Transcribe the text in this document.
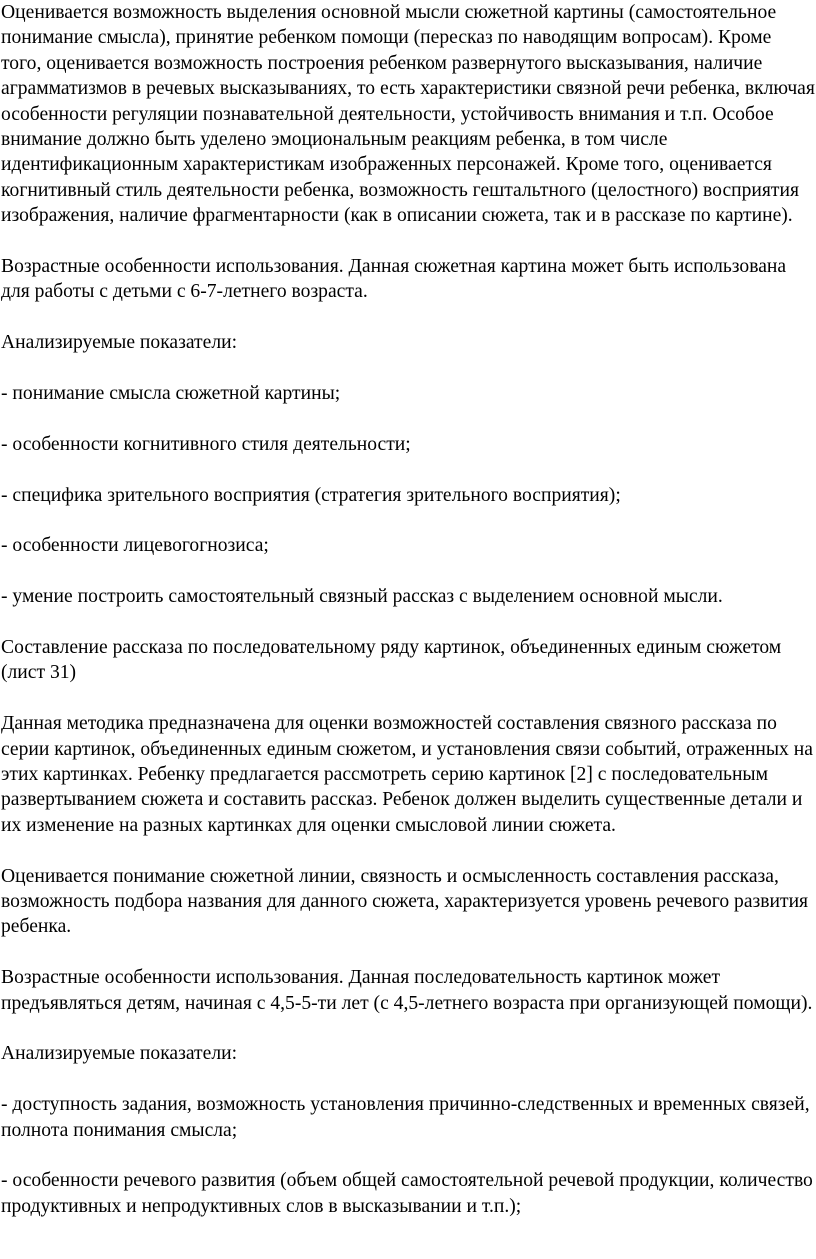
Оценивается возможность выделения основной мысли сюжетной картины (самостоятельное понимание смысла), принятие ребенком помощи (пересказ по наводящим вопросам). Кроме того, оценивается возможность построения ребенком развернутого высказывания, наличие аграмматизмов в речевых высказываниях, то есть характеристики связной речи ребенка, включая особенности регуляции познавательной деятельности, устойчивость внимания и т.п. Особое внимание должно быть уделено эмоциональным реакциям ребенка, в том числе идентификационным характеристикам изображенных персонажей. Кроме того, оценивается когнитивный стиль деятельности ребенка, возможность гештальтного (целостного) восприятия изображения, наличие фрагментарности (как в описании сюжета, так и в рассказе по картине).

Возрастные особенности использования. Данная сюжетная картина может быть использована для работы с детьми с 6-7-летнего возраста.

Анализируемые показатели:

- понимание смысла сюжетной картины;

- особенности когнитивного стиля деятельности;

- специфика зрительного восприятия (стратегия зрительного восприятия);

- особенности лицевогогнозиса;

- умение построить самостоятельный связный рассказ с выделением основной мысли.

Составление рассказа по последовательному ряду картинок, объединенных единым сюжетом (лист 31)

Данная методика предназначена для оценки возможностей составления связного рассказа по серии картинок, объединенных единым сюжетом, и установления связи событий, отраженных на этих картинках. Ребенку предлагается рассмотреть серию картинок [2] с последовательным развертыванием сюжета и составить рассказ. Ребенок должен выделить существенные детали и их изменение на разных картинках для оценки смысловой линии сюжета.

Оценивается понимание сюжетной линии, связность и осмысленность составления рассказа, возможность подбора названия для данного сюжета, характеризуется уровень речевого развития ребенка.

Возрастные особенности использования. Данная последовательность картинок может предъявляться детям, начиная с 4,5-5-ти лет (с 4,5-летнего возраста при организующей помощи).

Анализируемые показатели:

- доступность задания, возможность установления причинно-следственных и временных связей, полнота понимания смысла;

- особенности речевого развития (объем общей самостоятельной речевой продукции, количество продуктивных и непродуктивных слов в высказывании и т.п.);
